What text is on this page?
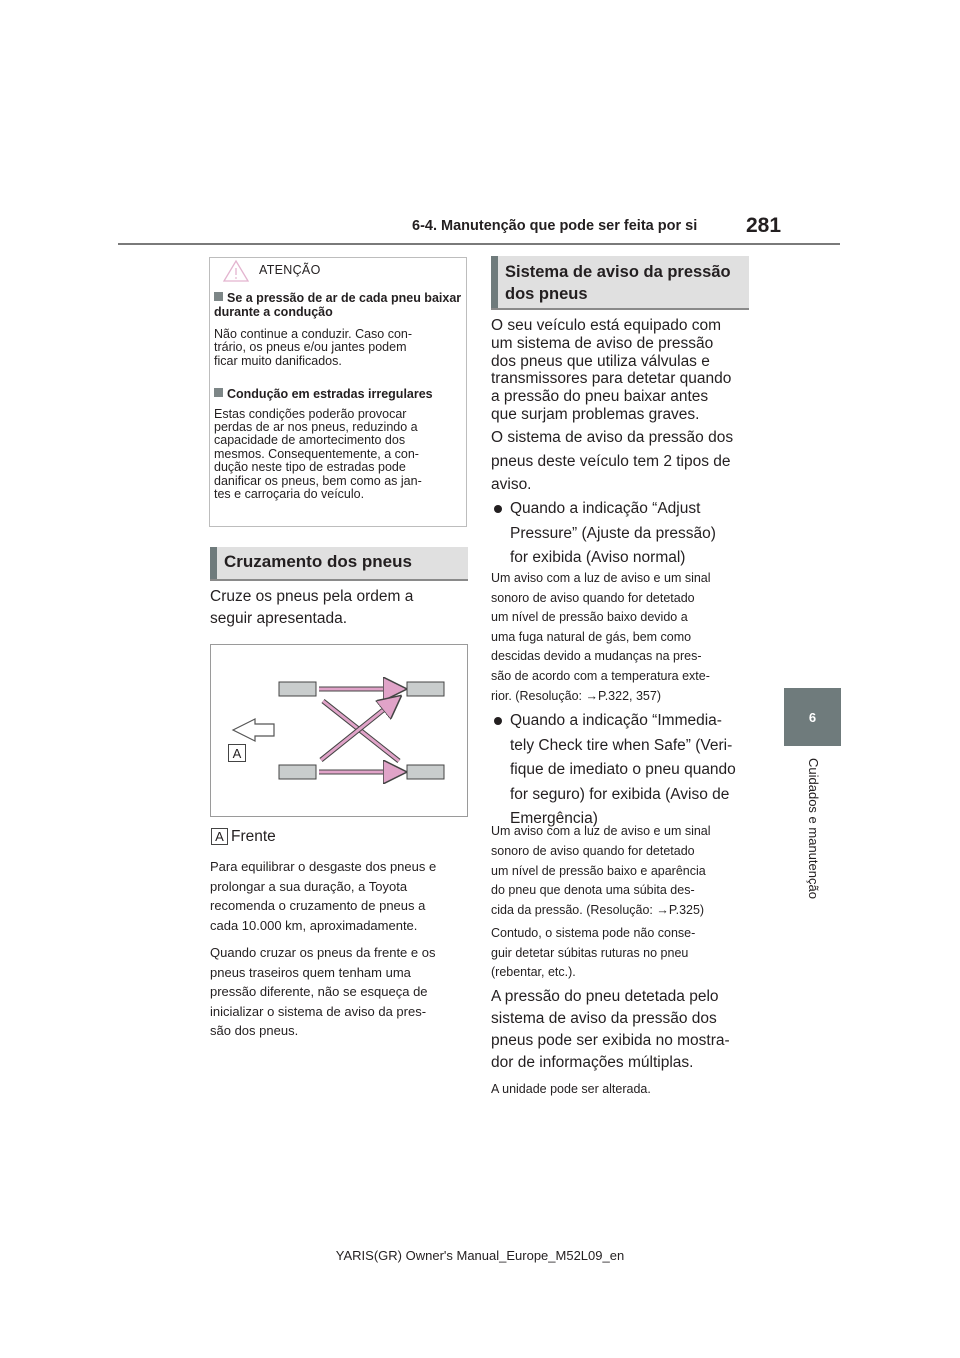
6-4. Manutenção que pode ser feita por si 281
6
Cuidados e manutenção
ATENÇÃO
Se a pressão de ar de cada pneu baixar durante a condução
Não continue a conduzir. Caso con-
trário, os pneus e/ou jantes podem
ficar muito danificados.
Condução em estradas irregulares
Estas condições poderão provocar
perdas de ar nos pneus, reduzindo a
capacidade de amortecimento dos
mesmos. Consequentemente, a con-
dução neste tipo de estradas pode
danificar os pneus, bem como as jan-
tes e carroçaria do veículo.
Cruzamento dos pneus
Cruze os pneus pela ordem a
seguir apresentada.
A
A Frente
Para equilibrar o desgaste dos pneus e
prolongar a sua duração, a Toyota
recomenda o cruzamento de pneus a
cada 10.000 km, aproximadamente.
Quando cruzar os pneus da frente e os
pneus traseiros quem tenham uma
pressão diferente, não se esqueça de
inicializar o sistema de aviso da pres-
são dos pneus.
Sistema de aviso da pressão
dos pneus
O seu veículo está equipado com
um sistema de aviso de pressão
dos pneus que utiliza válvulas e
transmissores para detetar quando
a pressão do pneu baixar antes
que surjam problemas graves.
O sistema de aviso da pressão dos
pneus deste veículo tem 2 tipos de
aviso.
Quando a indicação “Adjust
Pressure” (Ajuste da pressão)
for exibida (Aviso normal)
Um aviso com a luz de aviso e um sinal
sonoro de aviso quando for detetado
um nível de pressão baixo devido a
uma fuga natural de gás, bem como
descidas devido a mudanças na pres-
são de acordo com a temperatura exte-
rior. (Resolução: →P.322, 357)
Quando a indicação “Immedia-
tely Check tire when Safe” (Veri-
fique de imediato o pneu quando
for seguro) for exibida (Aviso de
Emergência)
Um aviso com a luz de aviso e um sinal
sonoro de aviso quando for detetado
um nível de pressão baixo e aparência
do pneu que denota uma súbita des-
cida da pressão. (Resolução: →P.325)
Contudo, o sistema pode não conse-
guir detetar súbitas ruturas no pneu
(rebentar, etc.).
A pressão do pneu detetada pelo
sistema de aviso da pressão dos
pneus pode ser exibida no mostra-
dor de informações múltiplas.
A unidade pode ser alterada.
YARIS(GR) Owner's Manual_Europe_M52L09_en
